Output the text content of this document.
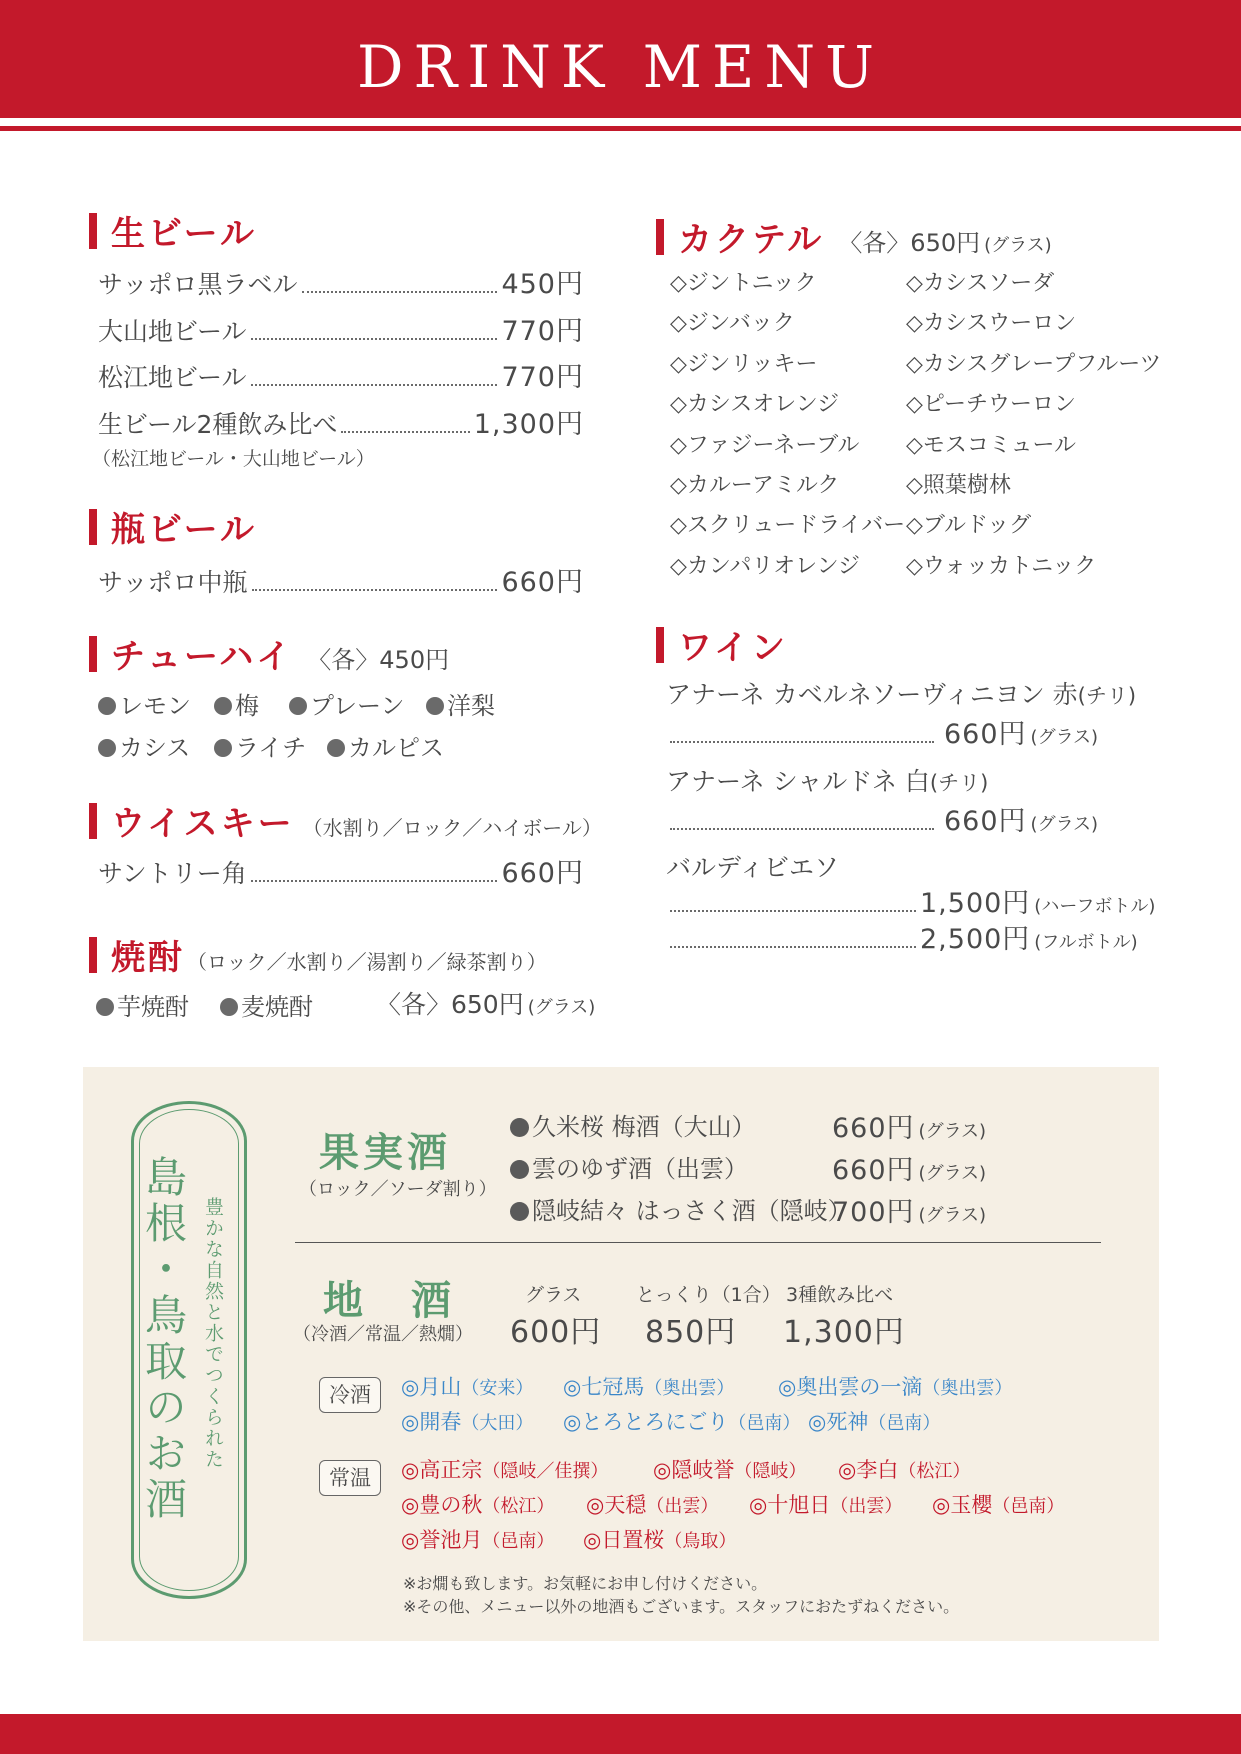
DRINK MENU
生ビール
サッポロ黒ラベル	450円
大山地ビール	770円
松江地ビール	770円
生ビール2種飲み比べ	1,300円
（松江地ビール・大山地ビール）
瓶ビール
サッポロ中瓶	660円
チューハイ 〈各〉450円
レモン	梅	プレーン	洋梨
カシス	ライチ	カルピス
ウイスキー （水割り／ロック／ハイボール）
サントリー角	660円
焼酎 （ロック／水割り／湯割り／緑茶割り）
芋焼酎	麦焼酎	〈各〉650円 (グラス)
カクテル 〈各〉650円 (グラス)
◇ジントニック	◇カシスソーダ
◇ジンバック	◇カシスウーロン
◇ジンリッキー	◇カシスグレープフルーツ
◇カシスオレンジ	◇ピーチウーロン
◇ファジーネーブル ◇モスコミュール
◇カルーアミルク	◇照葉樹林
◇スクリュードライバー ◇ブルドッグ
◇カンパリオレンジ ◇ウォッカトニック
ワイン
アナーネ カベルネソーヴィニヨン 赤(チリ)
660円 (グラス)
アナーネ シャルドネ 白(チリ)
660円 (グラス)
バルディビエソ
1,500円 (ハーフボトル)
2,500円 (フルボトル)
島根・鳥取のお酒 豊かな自然と水でつくられた
果実酒
（ロック／ソーダ割り）
久米桜 梅酒（大山）	660円 (グラス)
雲のゆず酒（出雲）	660円 (グラス)
隠岐結々 はっさく酒（隠岐）
700円 (グラス)
地　酒
（冷酒／常温／熱燗）
グラス
600円
とっくり（1合）
850円
3種飲み比べ
1,300円
冷酒	◎月山（安来） ◎七冠馬（奥出雲） ◎奥出雲の一滴（奥出雲）
◎開春（大田） ◎とろとろにごり（邑南） ◎死神（邑南）
常温	◎高正宗（隠岐／佳撰） ◎隠岐誉（隠岐） ◎李白（松江）
◎豊の秋（松江） ◎天穏（出雲） ◎十旭日（出雲） ◎玉櫻（邑南）
◎誉池月（邑南） ◎日置桜（鳥取）
※お燗も致します。お気軽にお申し付けください。
※その他、メニュー以外の地酒もございます。スタッフにおたずねください。
